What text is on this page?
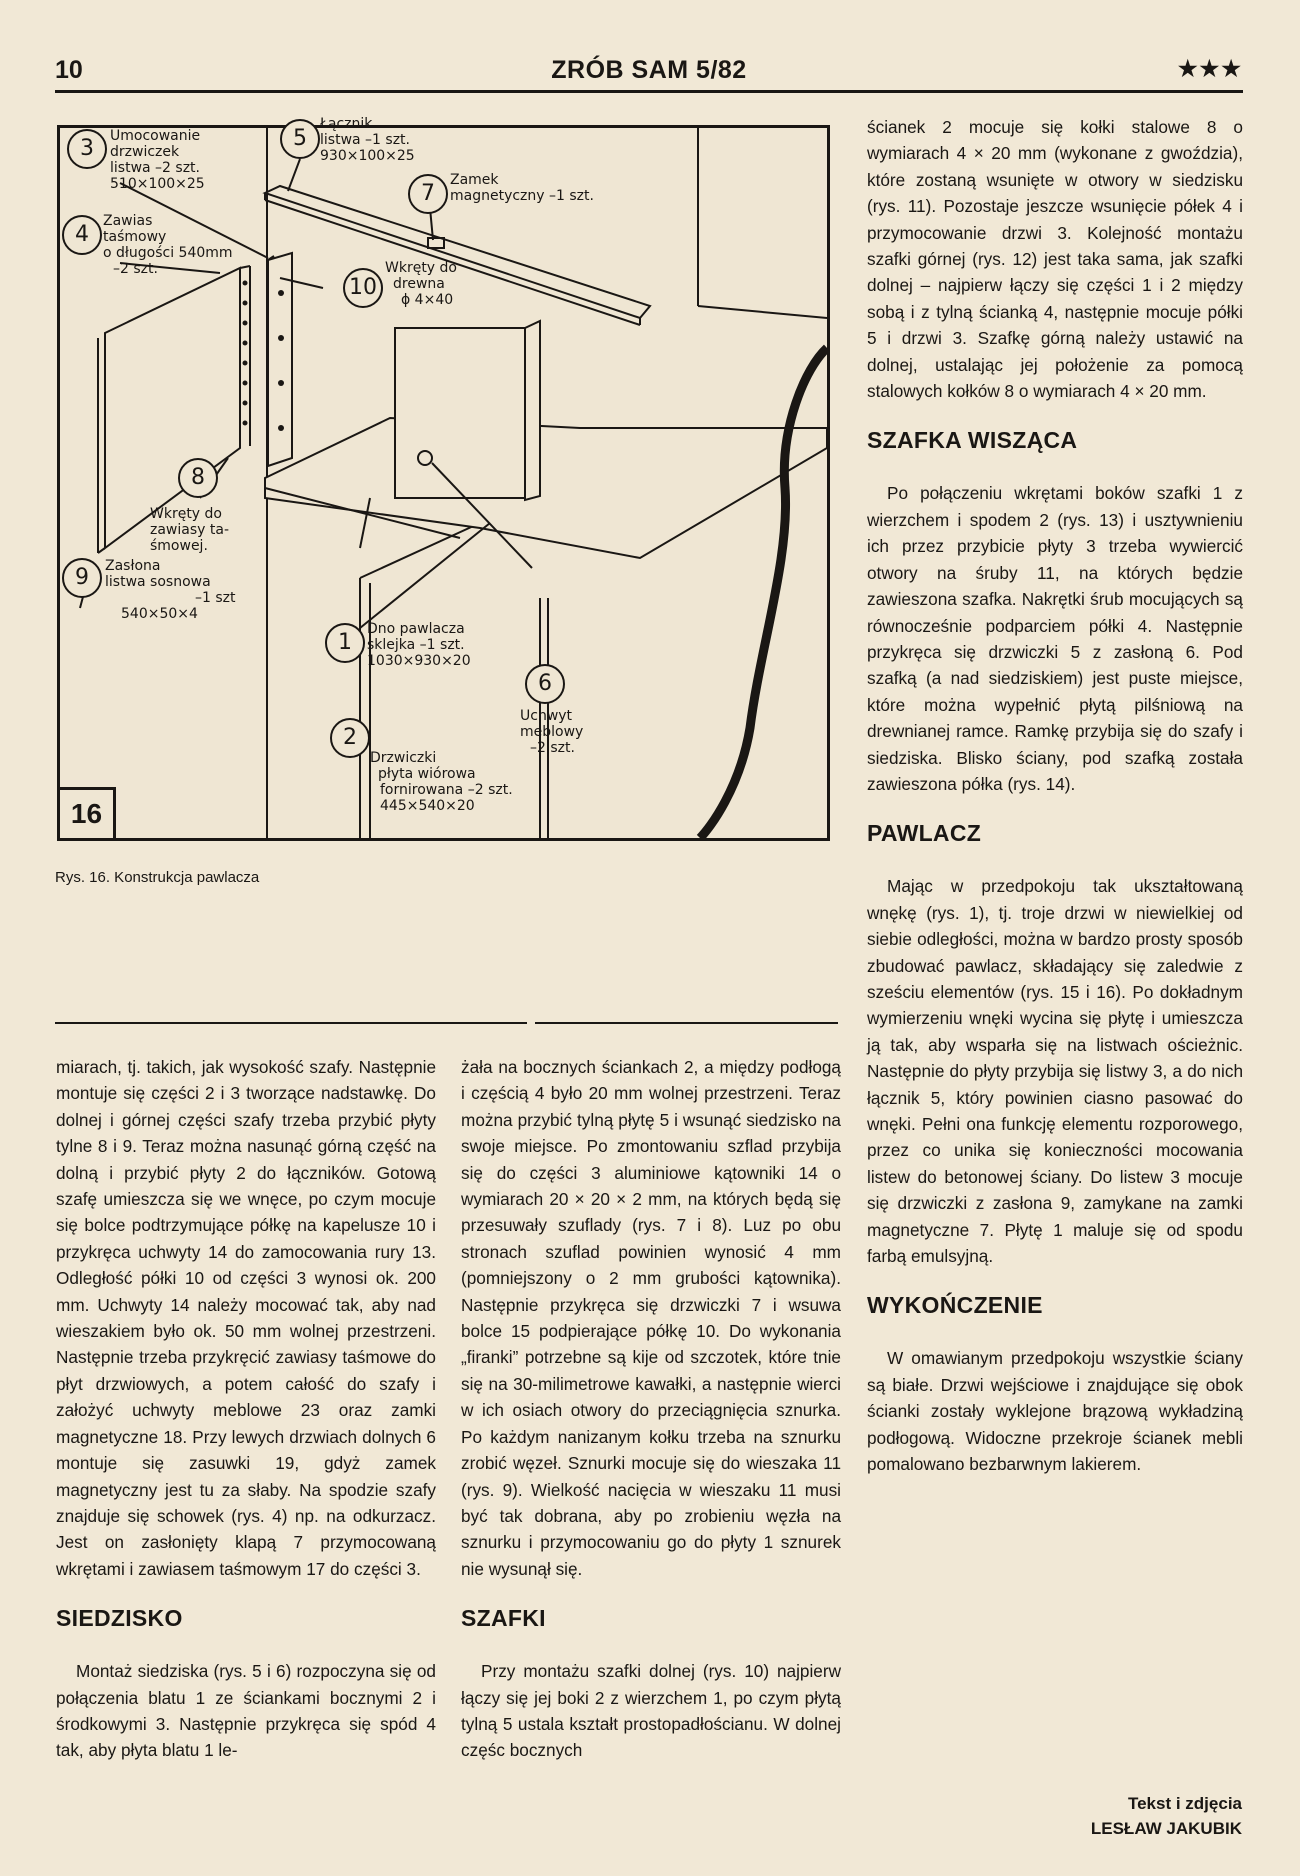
10	ZRÓB SAM 5/82	★★★
3	Umocowanie
drzwiczek
listwa –2 szt.
510×100×25
4
Zawias
taśmowy
o długości 540mm
–2 szt.
5
Łącznik
listwa –1 szt.
930×100×25
7
Zamek
magnetyczny –1 szt.
10
Wkręty do
drewna
ϕ 4×40
8
Wkręty do
zawiasy ta-
śmowej.
9	Zasłona
listwa sosnowa
–1 szt
540×50×4
1
Dno pawlacza
sklejka –1 szt.
1030×930×20
6
Uchwyt
meblowy
–2 szt.
2
Drzwiczki
płyta wiórowa
fornirowana –2 szt.
445×540×20
16
Rys. 16. Konstrukcja pawlacza

miarach, tj. takich, jak wysokość szafy. Następnie montuje się części 2 i 3 tworzące nadstawkę. Do dolnej i górnej części szafy trzeba przybić płyty tylne 8 i 9. Teraz można nasunąć górną część na dolną i przybić płyty 2 do łączników. Gotową szafę umieszcza się we wnęce, po czym mocuje się bolce podtrzymujące półkę na kapelusze 10 i przykręca uchwyty 14 do zamocowania rury 13. Odległość półki 10 od części 3 wynosi ok. 200 mm. Uchwyty 14 należy mocować tak, aby nad wieszakiem było ok. 50 mm wolnej przestrzeni. Następnie trzeba przykręcić zawiasy taśmowe do płyt drzwiowych, a potem całość do szafy i założyć uchwyty meblowe 23 oraz zamki magnetyczne 18. Przy lewych drzwiach dolnych 6 montuje się zasuwki 19, gdyż zamek magnetyczny jest tu za słaby. Na spodzie szafy znajduje się schowek (rys. 4) np. na odkurzacz. Jest on zasłonięty klapą 7 przymocowaną wkrętami i zawiasem taśmowym 17 do części 3.

SIEDZISKO

Montaż siedziska (rys. 5 i 6) rozpoczyna się od połączenia blatu 1 ze ściankami bocznymi 2 i środkowymi 3. Następnie przykręca się spód 4 tak, aby płyta blatu 1 le-

żała na bocznych ściankach 2, a między podłogą i częścią 4 było 20 mm wolnej przestrzeni. Teraz można przybić tylną płytę 5 i wsunąć siedzisko na swoje miejsce. Po zmontowaniu szflad przybija się do części 3 aluminiowe kątowniki 14 o wymiarach 20 × 20 × 2 mm, na których będą się przesuwały szuflady (rys. 7 i 8). Luz po obu stronach szuflad powinien wynosić 4 mm (pomniejszony o 2 mm grubości kątownika). Następnie przykręca się drzwiczki 7 i wsuwa bolce 15 podpierające półkę 10. Do wykonania „firanki” potrzebne są kije od szczotek, które tnie się na 30-milimetrowe kawałki, a następnie wierci w ich osiach otwory do przeciągnięcia sznurka. Po każdym nanizanym kołku trzeba na sznurku zrobić węzeł. Sznurki mocuje się do wieszaka 11 (rys. 9). Wielkość nacięcia w wieszaku 11 musi być tak dobrana, aby po zrobieniu węzła na sznurku i przymocowaniu go do płyty 1 sznurek nie wysunął się.

SZAFKI

Przy montażu szafki dolnej (rys. 10) najpierw łączy się jej boki 2 z wierzchem 1, po czym płytą tylną 5 ustala kształt prostopadłościanu. W dolnej częśc bocznych

ścianek 2 mocuje się kołki stalowe 8 o wymiarach 4 × 20 mm (wykonane z gwoździa), które zostaną wsunięte w otwory w siedzisku (rys. 11). Pozostaje jeszcze wsunięcie półek 4 i przymocowanie drzwi 3. Kolejność montażu szafki górnej (rys. 12) jest taka sama, jak szafki dolnej – najpierw łączy się części 1 i 2 między sobą i z tylną ścianką 4, następnie mocuje półki 5 i drzwi 3. Szafkę górną należy ustawić na dolnej, ustalając jej położenie za pomocą stalowych kołków 8 o wymiarach 4 × 20 mm.

SZAFKA WISZĄCA

Po połączeniu wkrętami boków szafki 1 z wierzchem i spodem 2 (rys. 13) i usztywnieniu ich przez przybicie płyty 3 trzeba wywiercić otwory na śruby 11, na których będzie zawieszona szafka. Nakrętki śrub mocujących są równocześnie podparciem półki 4. Następnie przykręca się drzwiczki 5 z zasłoną 6. Pod szafką (a nad siedziskiem) jest puste miejsce, które można wypełnić płytą pilśniową na drewnianej ramce. Ramkę przybija się do szafy i siedziska. Blisko ściany, pod szafką została zawieszona półka (rys. 14).

PAWLACZ

Mając w przedpokoju tak ukształtowaną wnękę (rys. 1), tj. troje drzwi w niewielkiej od siebie odległości, można w bardzo prosty sposób zbudować pawlacz, składający się zaledwie z sześciu elementów (rys. 15 i 16). Po dokładnym wymierzeniu wnęki wycina się płytę i umieszcza ją tak, aby wsparła się na listwach ościeżnic. Następnie do płyty przybija się listwy 3, a do nich łącznik 5, który powinien ciasno pasować do wnęki. Pełni ona funkcję elementu rozporowego, przez co unika się konieczności mocowania listew do betonowej ściany. Do listew 3 mocuje się drzwiczki z zasłona 9, zamykane na zamki magnetyczne 7. Płytę 1 maluje się od spodu farbą emulsyjną.

WYKOŃCZENIE

W omawianym przedpokoju wszystkie ściany są białe. Drzwi wejściowe i znajdujące się obok ścianki zostały wyklejone brązową wykładziną podłogową. Widoczne przekroje ścianek mebli pomalowano bezbarwnym lakierem.

Tekst i zdjęcia
LESŁAW JAKUBIK
